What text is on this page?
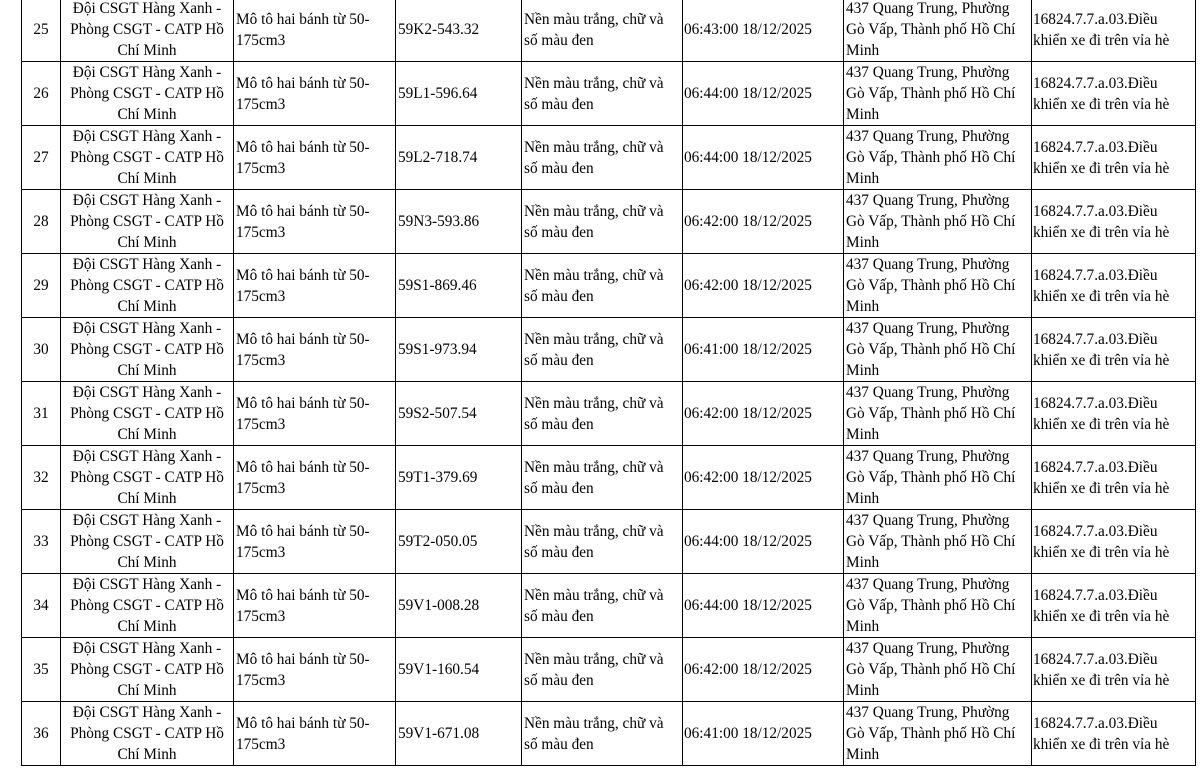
25	Đội CSGT Hàng Xanh - Phòng CSGT - CATP Hồ Chí Minh	Mô tô hai bánh từ 50-175cm3	59K2-543.32	Nền màu trắng, chữ và số màu đen	06:43:00 18/12/2025	437 Quang Trung, Phường Gò Vấp, Thành phố Hồ Chí Minh	16824.7.7.a.03.Điều khiển xe đi trên vỉa hè
26	Đội CSGT Hàng Xanh - Phòng CSGT - CATP Hồ Chí Minh	Mô tô hai bánh từ 50-175cm3	59L1-596.64	Nền màu trắng, chữ và số màu đen	06:44:00 18/12/2025	437 Quang Trung, Phường Gò Vấp, Thành phố Hồ Chí Minh	16824.7.7.a.03.Điều khiển xe đi trên vỉa hè
27	Đội CSGT Hàng Xanh - Phòng CSGT - CATP Hồ Chí Minh	Mô tô hai bánh từ 50-175cm3	59L2-718.74	Nền màu trắng, chữ và số màu đen	06:44:00 18/12/2025	437 Quang Trung, Phường Gò Vấp, Thành phố Hồ Chí Minh	16824.7.7.a.03.Điều khiển xe đi trên vỉa hè
28	Đội CSGT Hàng Xanh - Phòng CSGT - CATP Hồ Chí Minh	Mô tô hai bánh từ 50-175cm3	59N3-593.86	Nền màu trắng, chữ và số màu đen	06:42:00 18/12/2025	437 Quang Trung, Phường Gò Vấp, Thành phố Hồ Chí Minh	16824.7.7.a.03.Điều khiển xe đi trên vỉa hè
29	Đội CSGT Hàng Xanh - Phòng CSGT - CATP Hồ Chí Minh	Mô tô hai bánh từ 50-175cm3	59S1-869.46	Nền màu trắng, chữ và số màu đen	06:42:00 18/12/2025	437 Quang Trung, Phường Gò Vấp, Thành phố Hồ Chí Minh	16824.7.7.a.03.Điều khiển xe đi trên vỉa hè
30	Đội CSGT Hàng Xanh - Phòng CSGT - CATP Hồ Chí Minh	Mô tô hai bánh từ 50-175cm3	59S1-973.94	Nền màu trắng, chữ và số màu đen	06:41:00 18/12/2025	437 Quang Trung, Phường Gò Vấp, Thành phố Hồ Chí Minh	16824.7.7.a.03.Điều khiển xe đi trên vỉa hè
31	Đội CSGT Hàng Xanh - Phòng CSGT - CATP Hồ Chí Minh	Mô tô hai bánh từ 50-175cm3	59S2-507.54	Nền màu trắng, chữ và số màu đen	06:42:00 18/12/2025	437 Quang Trung, Phường Gò Vấp, Thành phố Hồ Chí Minh	16824.7.7.a.03.Điều khiển xe đi trên vỉa hè
32	Đội CSGT Hàng Xanh - Phòng CSGT - CATP Hồ Chí Minh	Mô tô hai bánh từ 50-175cm3	59T1-379.69	Nền màu trắng, chữ và số màu đen	06:42:00 18/12/2025	437 Quang Trung, Phường Gò Vấp, Thành phố Hồ Chí Minh	16824.7.7.a.03.Điều khiển xe đi trên vỉa hè
33	Đội CSGT Hàng Xanh - Phòng CSGT - CATP Hồ Chí Minh	Mô tô hai bánh từ 50-175cm3	59T2-050.05	Nền màu trắng, chữ và số màu đen	06:44:00 18/12/2025	437 Quang Trung, Phường Gò Vấp, Thành phố Hồ Chí Minh	16824.7.7.a.03.Điều khiển xe đi trên vỉa hè
34	Đội CSGT Hàng Xanh - Phòng CSGT - CATP Hồ Chí Minh	Mô tô hai bánh từ 50-175cm3	59V1-008.28	Nền màu trắng, chữ và số màu đen	06:44:00 18/12/2025	437 Quang Trung, Phường Gò Vấp, Thành phố Hồ Chí Minh	16824.7.7.a.03.Điều khiển xe đi trên vỉa hè
35	Đội CSGT Hàng Xanh - Phòng CSGT - CATP Hồ Chí Minh	Mô tô hai bánh từ 50-175cm3	59V1-160.54	Nền màu trắng, chữ và số màu đen	06:42:00 18/12/2025	437 Quang Trung, Phường Gò Vấp, Thành phố Hồ Chí Minh	16824.7.7.a.03.Điều khiển xe đi trên vỉa hè
36	Đội CSGT Hàng Xanh - Phòng CSGT - CATP Hồ Chí Minh	Mô tô hai bánh từ 50-175cm3	59V1-671.08	Nền màu trắng, chữ và số màu đen	06:41:00 18/12/2025	437 Quang Trung, Phường Gò Vấp, Thành phố Hồ Chí Minh	16824.7.7.a.03.Điều khiển xe đi trên vỉa hè
